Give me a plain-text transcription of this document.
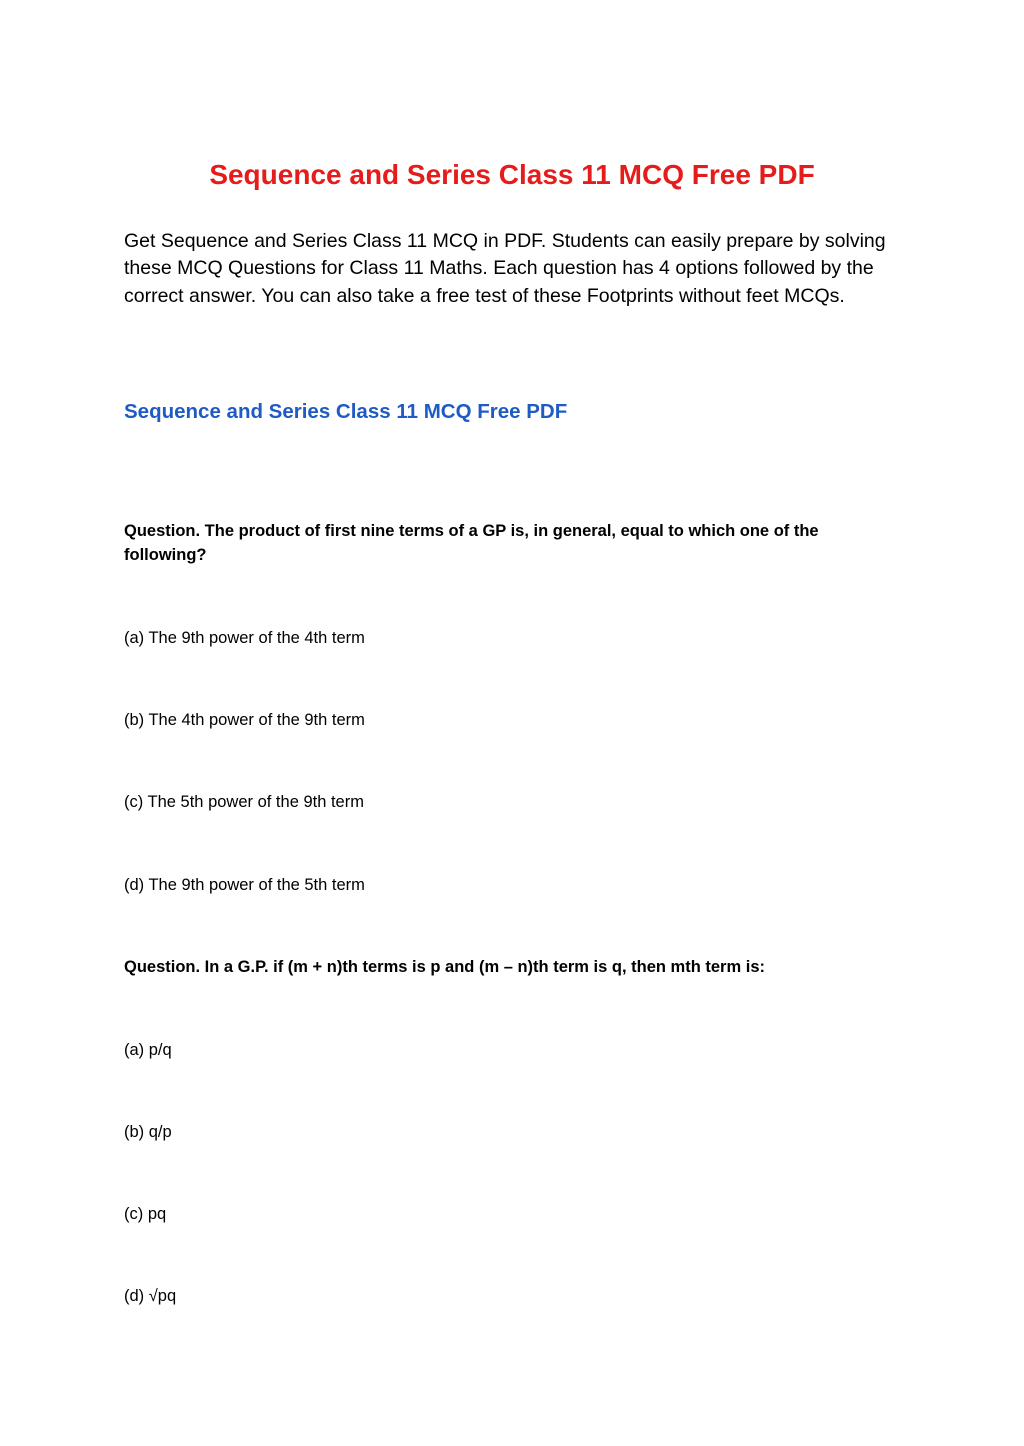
Sequence and Series Class 11 MCQ Free PDF

Get Sequence and Series Class 11 MCQ in PDF. Students can easily prepare by solving these MCQ Questions for Class 11 Maths. Each question has 4 options followed by the correct answer. You can also take a free test of these Footprints without feet MCQs.

Sequence and Series Class 11 MCQ Free PDF

Question. The product of first nine terms of a GP is, in general, equal to which one of the following?

(a) The 9th power of the 4th term

(b) The 4th power of the 9th term

(c) The 5th power of the 9th term

(d) The 9th power of the 5th term

Question. In a G.P. if (m + n)th terms is p and (m – n)th term is q, then mth term is:

(a) p/q

(b) q/p

(c) pq

(d) √pq
